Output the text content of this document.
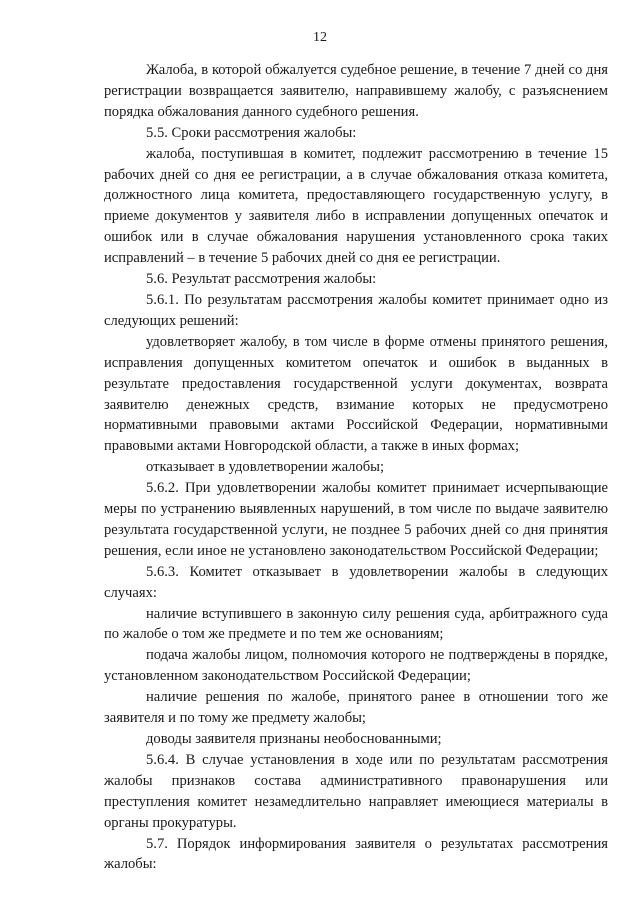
12

Жалоба, в которой обжалуется судебное решение, в течение 7 дней со дня регистрации возвращается заявителю, направившему жалобу, с разъяснением порядка обжалования данного судебного решения.

5.5. Сроки рассмотрения жалобы:

жалоба, поступившая в комитет, подлежит рассмотрению в течение 15 рабочих дней со дня ее регистрации, а в случае обжалования отказа комитета, должностного лица комитета, предоставляющего государственную услугу, в приеме документов у заявителя либо в исправлении допущенных опечаток и ошибок или в случае обжалования нарушения установленного срока таких исправлений – в течение 5 рабочих дней со дня ее регистрации.

5.6. Результат рассмотрения жалобы:

5.6.1. По результатам рассмотрения жалобы комитет принимает одно из следующих решений:

удовлетворяет жалобу, в том числе в форме отмены принятого решения, исправления допущенных комитетом опечаток и ошибок в выданных в результате предоставления государственной услуги документах, возврата заявителю денежных средств, взимание которых не предусмотрено нормативными правовыми актами Российской Федерации, нормативными правовыми актами Новгородской области, а также в иных формах;

отказывает в удовлетворении жалобы;

5.6.2. При удовлетворении жалобы комитет принимает исчерпывающие меры по устранению выявленных нарушений, в том числе по выдаче заявителю результата государственной услуги, не позднее 5 рабочих дней со дня принятия решения, если иное не установлено законодательством Российской Федерации;

5.6.3. Комитет отказывает в удовлетворении жалобы в следующих случаях:

наличие вступившего в законную силу решения суда, арбитражного суда по жалобе о том же предмете и по тем же основаниям;

подача жалобы лицом, полномочия которого не подтверждены в порядке, установленном законодательством Российской Федерации;

наличие решения по жалобе, принятого ранее в отношении того же заявителя и по тому же предмету жалобы;

доводы заявителя признаны необоснованными;

5.6.4. В случае установления в ходе или по результатам рассмотрения жалобы признаков состава административного правонарушения или преступления комитет незамедлительно направляет имеющиеся материалы в органы прокуратуры.

5.7. Порядок информирования заявителя о результатах рассмотрения жалобы:
